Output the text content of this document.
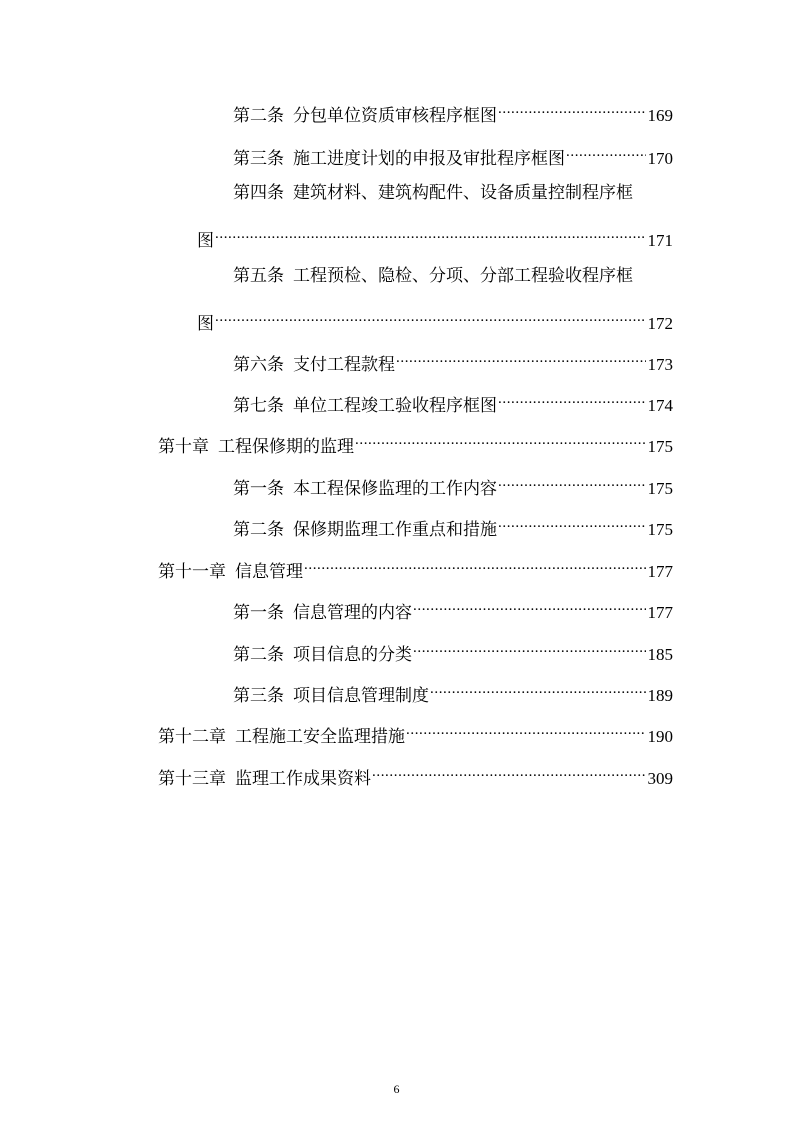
第二条 分包单位资质审核程序框图 .....	169
第三条 施工进度计划的申报及审批程序框图 .....	170
第四条 建筑材料、建筑构配件、设备质量控制程序框
图 .....	171
第五条 工程预检、隐检、分项、分部工程验收程序框
图 .....	172
第六条 支付工程款程 .....	173
第七条 单位工程竣工验收程序框图 .....	174
第十章 工程保修期的监理 .....	175
第一条 本工程保修监理的工作内容 .....	175
第二条 保修期监理工作重点和措施 .....	175
第十一章 信息管理 .....	177
第一条 信息管理的内容 .....	177
第二条 项目信息的分类 .....	185
第三条 项目信息管理制度 .....	189
第十二章 工程施工安全监理措施 .....	190
第十三章 监理工作成果资料 .....	309
6
